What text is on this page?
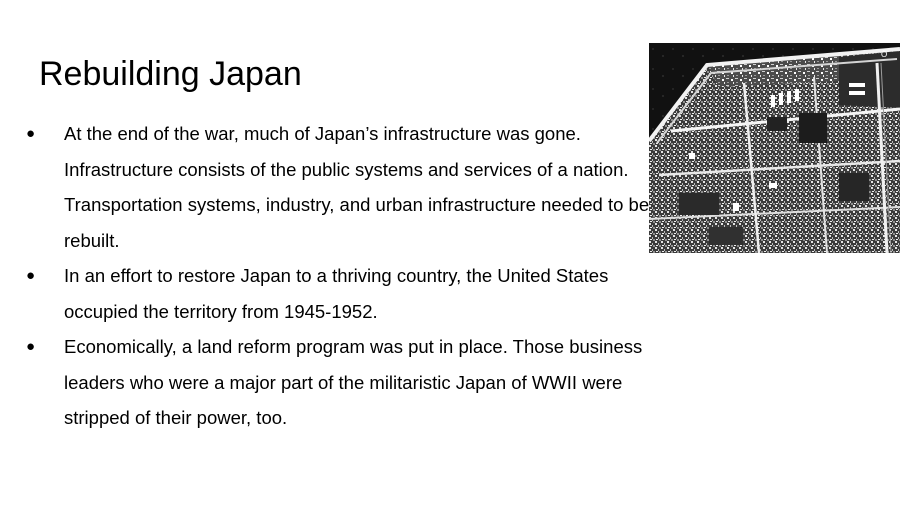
Rebuilding Japan
●	At the end of the war, much of Japan’s infrastructure was gone. Infrastructure consists of the public systems and services of a nation. Transportation systems, industry, and urban infrastructure needed to be rebuilt.
●	In an effort to restore Japan to a thriving country, the United States occupied the territory from 1945-1952.
●	Economically, a land reform program was put in place. Those business leaders who were a major part of the militaristic Japan of WWII were stripped of their power, too.
Ö
